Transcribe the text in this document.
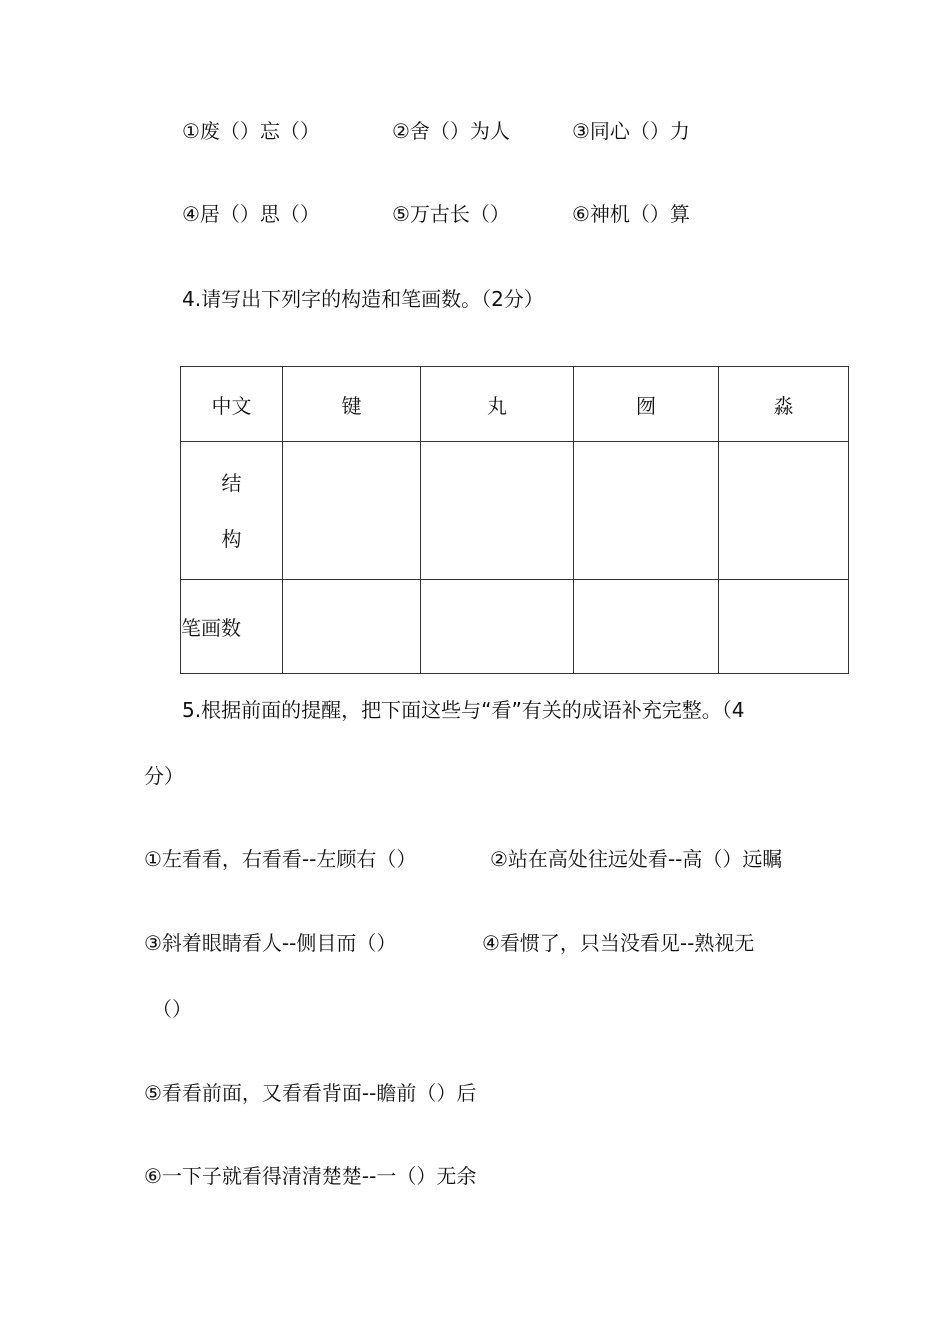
①废（）忘（）	②舍（）为人	③同心（）力
④居（）思（）	⑤万古长（）	⑥神机（）算
4.请写出下列字的构造和笔画数。（2分）
中文	键	丸	囫	淼

结
构				

笔画数				
5.根据前面的提醒，把下面这些与“看”有关的成语补充完整。（4
分）
①左看看，右看看--左顾右（）	②站在高处往远处看--高（）远瞩
③斜着眼睛看人--侧目而（）	④看惯了，只当没看见--熟视无
（）
⑤看看前面，又看看背面--瞻前（）后
⑥一下子就看得清清楚楚--一（）无余
